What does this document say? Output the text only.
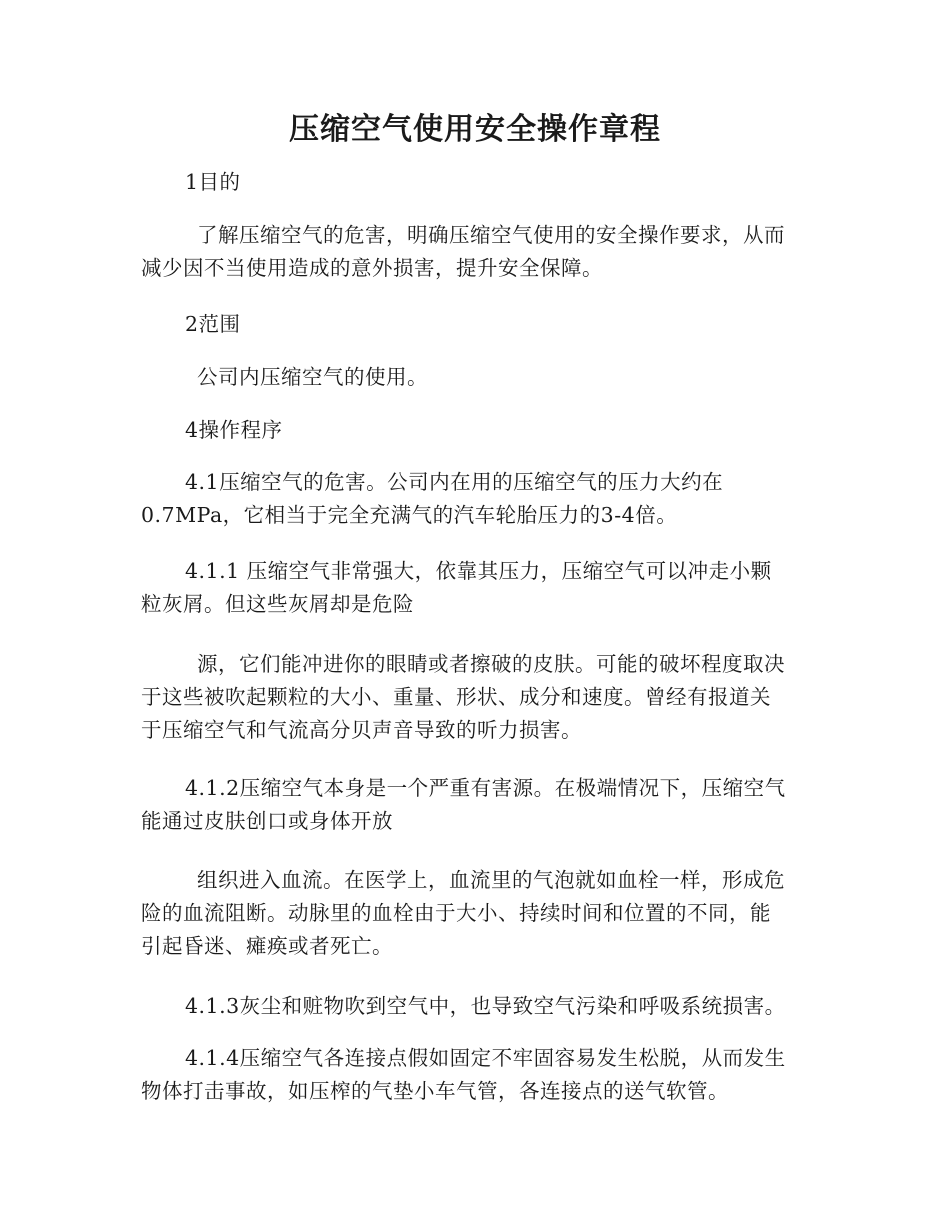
压缩空气使用安全操作章程
1目的
了解压缩空气的危害，明确压缩空气使用的安全操作要求，从而
减少因不当使用造成的意外损害，提升安全保障。
2范围
公司内压缩空气的使用。
4操作程序
4.1压缩空气的危害。公司内在用的压缩空气的压力大约在
0.7MPa，它相当于完全充满气的汽车轮胎压力的3-4倍。
4.1.1 压缩空气非常强大，依靠其压力，压缩空气可以冲走小颗
粒灰屑。但这些灰屑却是危险
源，它们能冲进你的眼睛或者擦破的皮肤。可能的破坏程度取决
于这些被吹起颗粒的大小、重量、形状、成分和速度。曾经有报道关
于压缩空气和气流高分贝声音导致的听力损害。
4.1.2压缩空气本身是一个严重有害源。在极端情况下，压缩空气
能通过皮肤创口或身体开放
组织进入血流。在医学上，血流里的气泡就如血栓一样，形成危
险的血流阻断。动脉里的血栓由于大小、持续时间和位置的不同，能
引起昏迷、瘫痪或者死亡。
4.1.3灰尘和赃物吹到空气中，也导致空气污染和呼吸系统损害。
4.1.4压缩空气各连接点假如固定不牢固容易发生松脱，从而发生
物体打击事故，如压榨的气垫小车气管，各连接点的送气软管。
